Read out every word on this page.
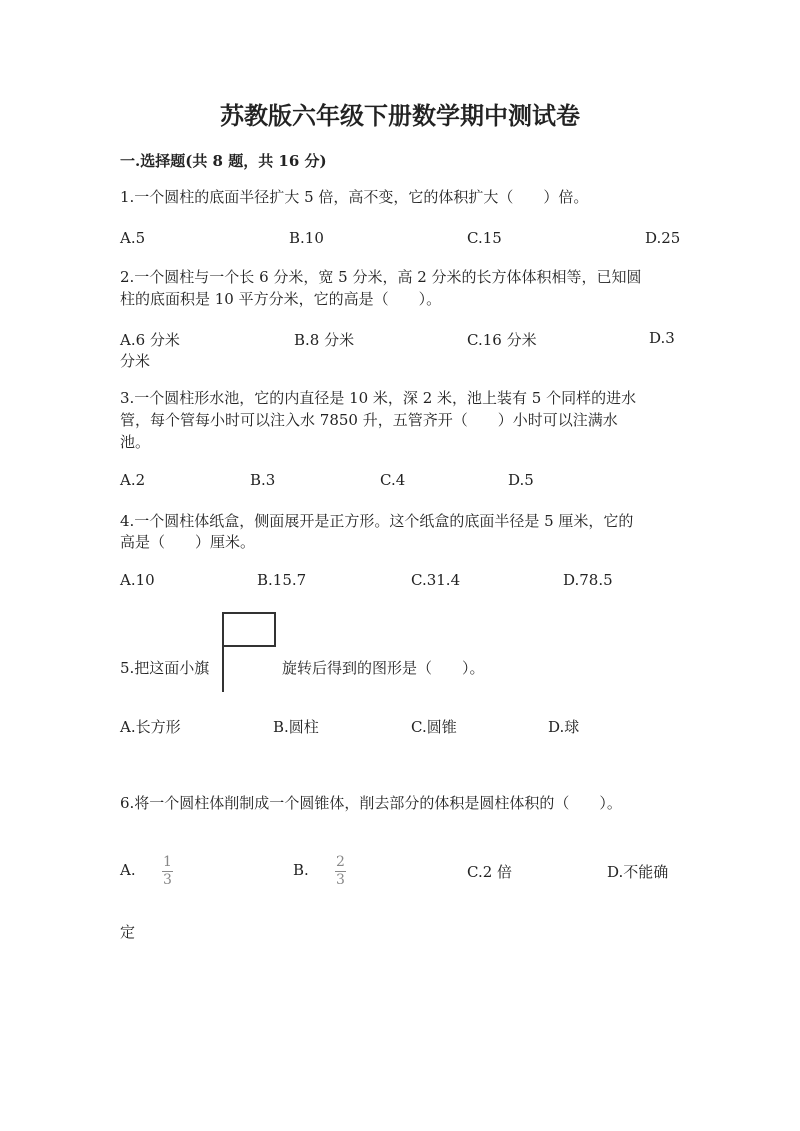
苏教版六年级下册数学期中测试卷
一.选择题(共 8 题，共 16 分)
1.一个圆柱的底面半径扩大 5 倍，高不变，它的体积扩大（　　）倍。
A.5	B.10	C.15	D.25
2.一个圆柱与一个长 6 分米，宽 5 分米，高 2 分米的长方体体积相等，已知圆
柱的底面积是 10 平方分米，它的高是（　　）。
A.6 分米	B.8 分米	C.16 分米	D.3
分米
3.一个圆柱形水池，它的内直径是 10 米，深 2 米，池上装有 5 个同样的进水
管，每个管每小时可以注入水 7850 升，五管齐开（　　）小时可以注满水
池。
A.2	B.3	C.4	D.5
4.一个圆柱体纸盒，侧面展开是正方形。这个纸盒的底面半径是 5 厘米，它的
高是（　　）厘米。
A.10	B.15.7	C.31.4	D.78.5
5.把这面小旗	旋转后得到的图形是（　　）。
A.长方形	B.圆柱	C.圆锥	D.球
6.将一个圆柱体削制成一个圆锥体，削去部分的体积是圆柱体积的（　　）。
A. 1
3
B. 2
3	C.2 倍	D.不能确
定
